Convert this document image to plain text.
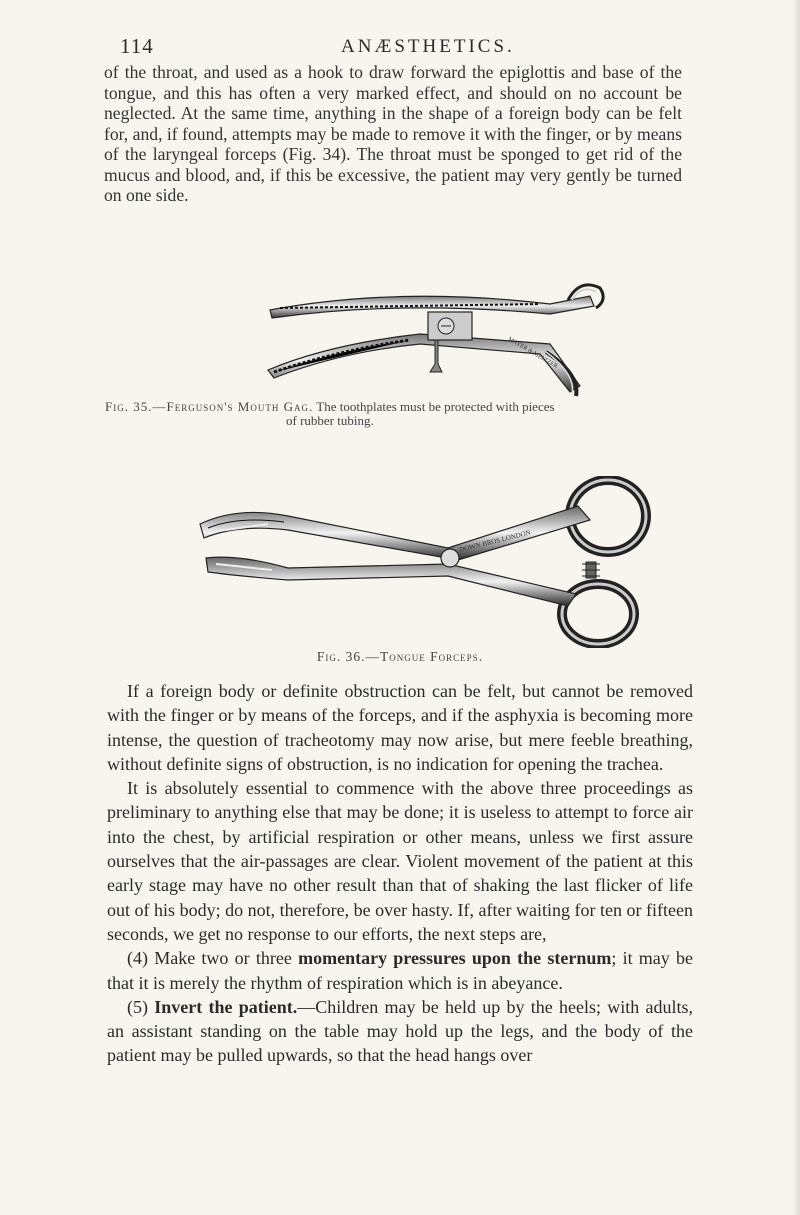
114	ANÆSTHETICS.

of the throat, and used as a hook to draw forward the epiglottis and base of the tongue, and this has often a very marked effect, and should on no account be neglected. At the same time, anything in the shape of a foreign body can be felt for, and, if found, attempts may be made to remove it with the finger, or by means of the laryngeal forceps (Fig. 34). The throat must be sponged to get rid of the mucus and blood, and, if this be excessive, the patient may very gently be turned on one side.

MAYER & MELTZER

Fig. 35.—Ferguson's Mouth Gag. The toothplates must be protected with pieces
of rubber tubing.

DOWN BROS LONDON

Fig. 36.—Tongue Forceps.

If a foreign body or definite obstruction can be felt, but cannot be removed with the finger or by means of the forceps, and if the asphyxia is becoming more intense, the question of tracheotomy may now arise, but mere feeble breathing, without definite signs of obstruction, is no indication for opening the trachea.

It is absolutely essential to commence with the above three proceedings as preliminary to anything else that may be done; it is useless to attempt to force air into the chest, by artificial respiration or other means, unless we first assure ourselves that the air-passages are clear. Violent movement of the patient at this early stage may have no other result than that of shaking the last flicker of life out of his body; do not, therefore, be over hasty. If, after waiting for ten or fifteen seconds, we get no response to our efforts, the next steps are,

(4) Make two or three momentary pressures upon the sternum; it may be that it is merely the rhythm of respiration which is in abeyance.

(5) Invert the patient.—Children may be held up by the heels; with adults, an assistant standing on the table may hold up the legs, and the body of the patient may be pulled upwards, so that the head hangs over
